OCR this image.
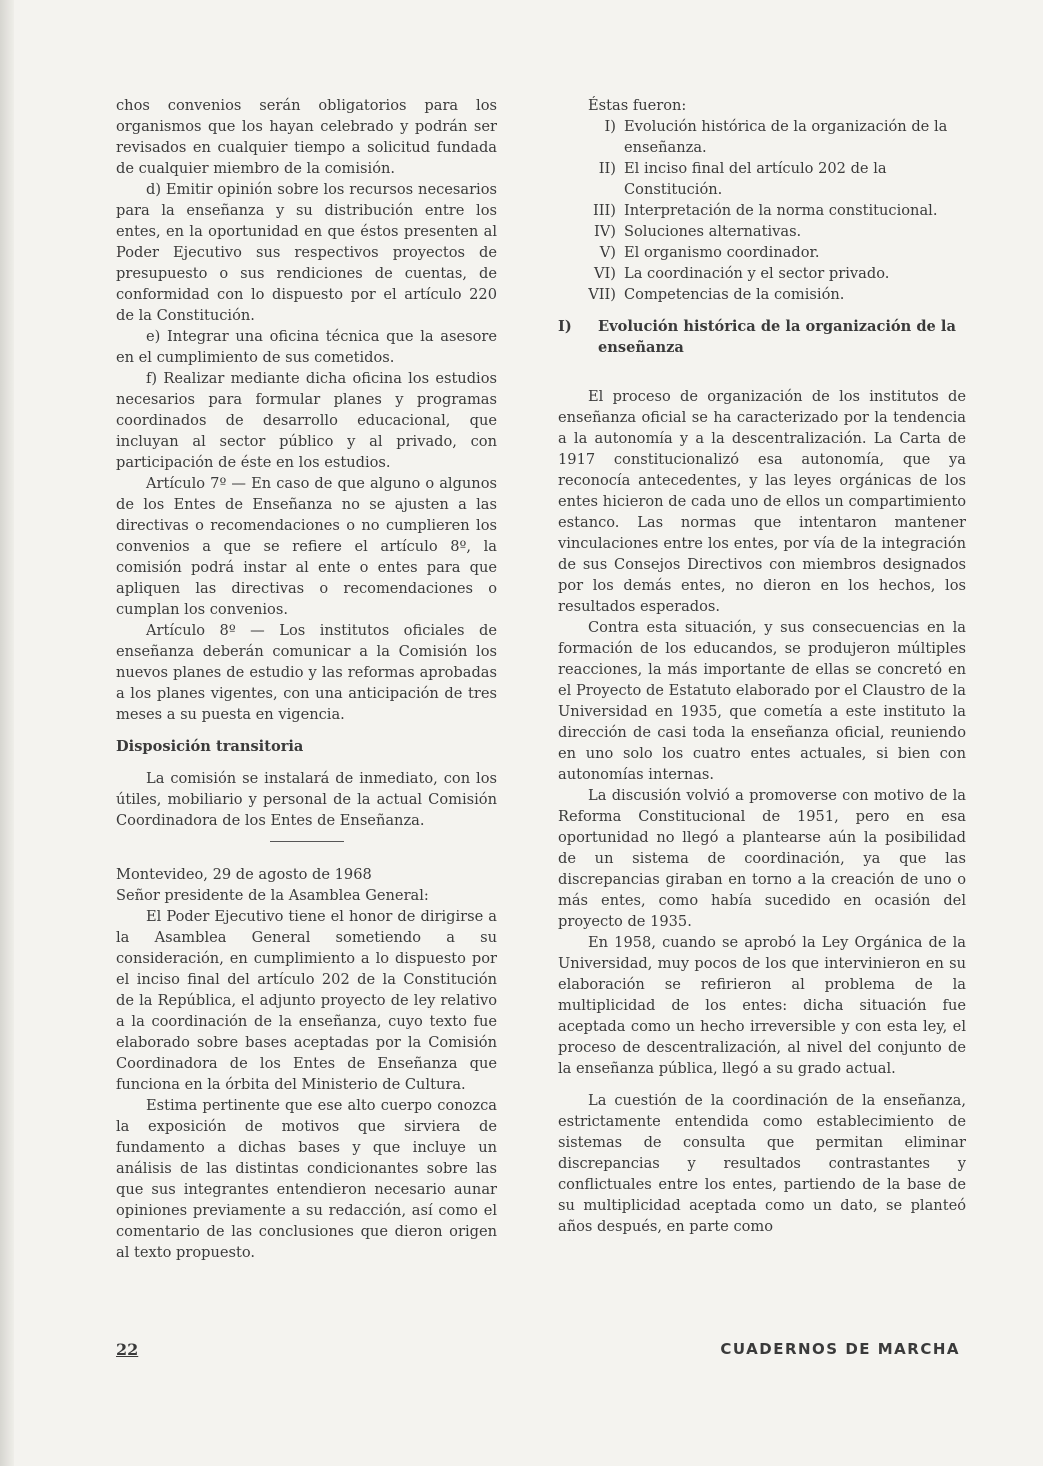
chos convenios serán obligatorios para los organismos que los hayan celebrado y podrán ser revisados en cualquier tiempo a solicitud fundada de cualquier miembro de la comisión.

d) Emitir opinión sobre los recursos necesarios para la enseñanza y su distribución entre los entes, en la oportunidad en que éstos presenten al Poder Ejecutivo sus respectivos proyectos de presupuesto o sus rendiciones de cuentas, de conformidad con lo dispuesto por el artículo 220 de la Constitución.

e) Integrar una oficina técnica que la asesore en el cumplimiento de sus cometidos.

f) Realizar mediante dicha oficina los estudios necesarios para formular planes y programas coordinados de desarrollo educacional, que incluyan al sector público y al privado, con participación de éste en los estudios.

Artículo 7º — En caso de que alguno o algunos de los Entes de Enseñanza no se ajusten a las directivas o recomendaciones o no cumplieren los convenios a que se refiere el artículo 8º, la comisión podrá instar al ente o entes para que apliquen las directivas o recomendaciones o cumplan los convenios.

Artículo 8º — Los institutos oficiales de enseñanza deberán comunicar a la Comisión los nuevos planes de estudio y las reformas aprobadas a los planes vigentes, con una anticipación de tres meses a su puesta en vigencia.

Disposición transitoria

La comisión se instalará de inmediato, con los útiles, mobiliario y personal de la actual Comisión Coordinadora de los Entes de Enseñanza.

Montevideo, 29 de agosto de 1968

Señor presidente de la Asamblea General:

El Poder Ejecutivo tiene el honor de dirigirse a la Asamblea General sometiendo a su consideración, en cumplimiento a lo dispuesto por el inciso final del artículo 202 de la Constitución de la República, el adjunto proyecto de ley relativo a la coordinación de la enseñanza, cuyo texto fue elaborado sobre bases aceptadas por la Comisión Coordinadora de los Entes de Enseñanza que funciona en la órbita del Ministerio de Cultura.

Estima pertinente que ese alto cuerpo conozca la exposición de motivos que sirviera de fundamento a dichas bases y que incluye un análisis de las distintas condicionantes sobre las que sus integrantes entendieron necesario aunar opiniones previamente a su redacción, así como el comentario de las conclusiones que dieron origen al texto propuesto.

Éstas fueron:

I) Evolución histórica de la organización de la enseñanza.
II) El inciso final del artículo 202 de la Constitución.
III) Interpretación de la norma constitucional.
IV) Soluciones alternativas.
V) El organismo coordinador.
VI) La coordinación y el sector privado.
VII) Competencias de la comisión.
I)	Evolución histórica de la organización de la enseñanza

El proceso de organización de los institutos de enseñanza oficial se ha caracterizado por la tendencia a la autonomía y a la descentralización. La Carta de 1917 constitucionalizó esa autonomía, que ya reconocía antecedentes, y las leyes orgánicas de los entes hicieron de cada uno de ellos un compartimiento estanco. Las normas que intentaron mantener vinculaciones entre los entes, por vía de la integración de sus Consejos Directivos con miembros designados por los demás entes, no dieron en los hechos, los resultados esperados.

Contra esta situación, y sus consecuencias en la formación de los educandos, se produjeron múltiples reacciones, la más importante de ellas se concretó en el Proyecto de Estatuto elaborado por el Claustro de la Universidad en 1935, que cometía a este instituto la dirección de casi toda la enseñanza oficial, reuniendo en uno solo los cuatro entes actuales, si bien con autonomías internas.

La discusión volvió a promoverse con motivo de la Reforma Constitucional de 1951, pero en esa oportunidad no llegó a plantearse aún la posibilidad de un sistema de coordinación, ya que las discrepancias giraban en torno a la creación de uno o más entes, como había sucedido en ocasión del proyecto de 1935.

En 1958, cuando se aprobó la Ley Orgánica de la Universidad, muy pocos de los que intervinieron en su elaboración se refirieron al problema de la multiplicidad de los entes: dicha situación fue aceptada como un hecho irreversible y con esta ley, el proceso de descentralización, al nivel del conjunto de la enseñanza pública, llegó a su grado actual.

La cuestión de la coordinación de la enseñanza, estrictamente entendida como establecimiento de sistemas de consulta que permitan eliminar discrepancias y resultados contrastantes y conflictuales entre los entes, partiendo de la base de su multiplicidad aceptada como un dato, se planteó años después, en parte como

22	CUADERNOS DE MARCHA
